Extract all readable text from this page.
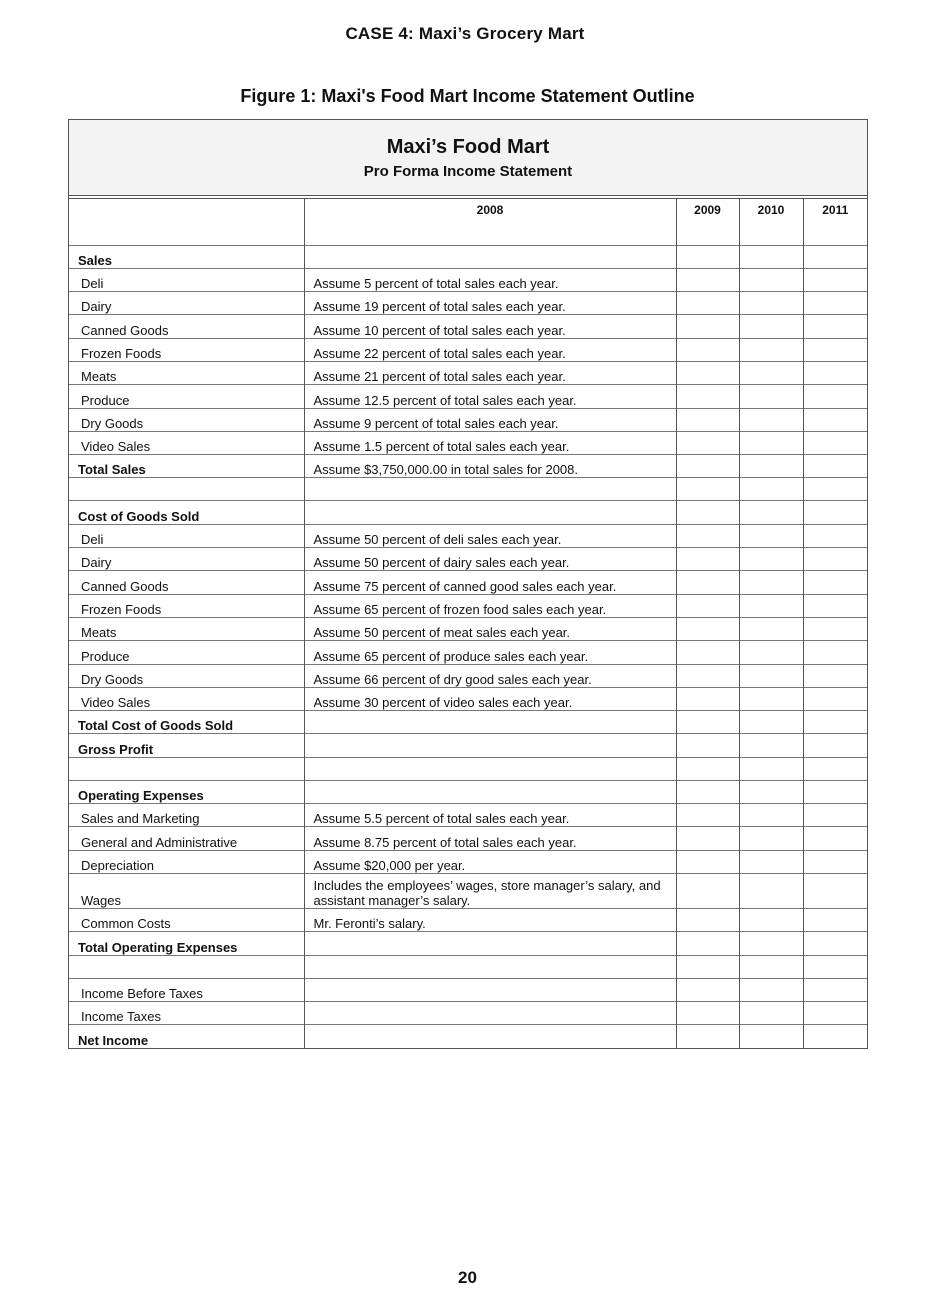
CASE 4: Maxi’s Grocery Mart
Figure 1: Maxi's Food Mart Income Statement Outline
Maxi’s Food Mart
Pro Forma Income Statement
	2008	2009	2010	2011

Sales				
Deli	Assume 5 percent of total sales each year.			
Dairy	Assume 19 percent of total sales each year.			
Canned Goods	Assume 10 percent of total sales each year.			
Frozen Foods	Assume 22 percent of total sales each year.			
Meats	Assume 21 percent of total sales each year.			
Produce	Assume 12.5 percent of total sales each year.			
Dry Goods	Assume 9 percent of total sales each year.			
Video Sales	Assume 1.5 percent of total sales each year.			
Total Sales	Assume $3,750,000.00 in total sales for 2008.			

Cost of Goods Sold				
Deli	Assume 50 percent of deli sales each year.			
Dairy	Assume 50 percent of dairy sales each year.			
Canned Goods	Assume 75 percent of canned good sales each year.			
Frozen Foods	Assume 65 percent of frozen food sales each year.			
Meats	Assume 50 percent of meat sales each year.			
Produce	Assume 65 percent of produce sales each year.			
Dry Goods	Assume 66 percent of dry good sales each year.			
Video Sales	Assume 30 percent of video sales each year.			
Total Cost of Goods Sold				
Gross Profit				

Operating Expenses				
Sales and Marketing	Assume 5.5 percent of total sales each year.			
General and Administrative	Assume 8.75 percent of total sales each year.			
Depreciation	Assume $20,000 per year.			
Wages	Includes the employees’ wages, store manager’s salary, and assistant manager’s salary.			
Common Costs	Mr. Feronti’s salary.			
Total Operating Expenses				

Income Before Taxes				
Income Taxes				
Net Income				
20
